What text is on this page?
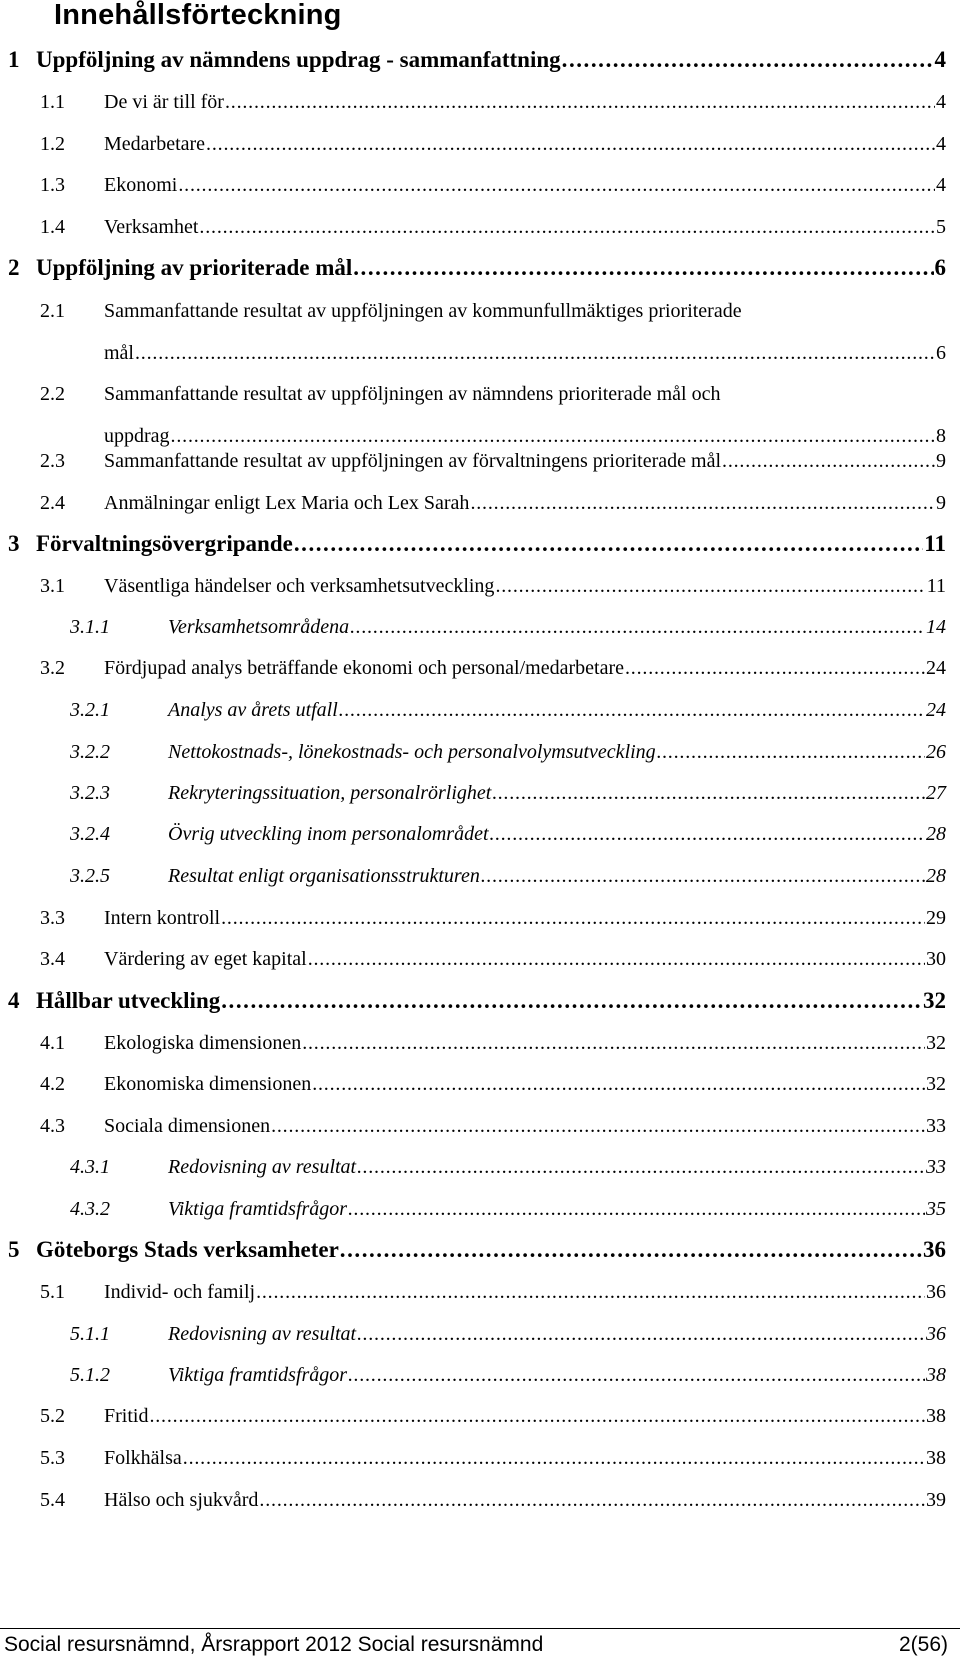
Innehållsförteckning
1 Uppföljning av nämndens uppdrag - sammanfattning . . .	4
1.1 De vi är till för . . .	4
1.2 Medarbetare . . .	4
1.3 Ekonomi . . .	4
1.4 Verksamhet . . .	5
2 Uppföljning av prioriterade mål . . .	6
2.1 Sammanfattande resultat av uppföljningen av kommunfullmäktiges prioriterade
mål . . .	6
2.2 Sammanfattande resultat av uppföljningen av nämndens prioriterade mål och
uppdrag . . .	8
2.3 Sammanfattande resultat av uppföljningen av förvaltningens prioriterade mål . . .	9
2.4 Anmälningar enligt Lex Maria och Lex Sarah . . .	9
3 Förvaltningsövergripande . . .	11
3.1 Väsentliga händelser och verksamhetsutveckling . . .	11
3.1.1	Verksamhetsområdena . . .	14
3.2 Fördjupad analys beträffande ekonomi och personal/medarbetare . . .	24
3.2.1	Analys av årets utfall . . .	24
3.2.2	Nettokostnads-, lönekostnads- och personalvolymsutveckling . . .	26
3.2.3	Rekryteringssituation, personalrörlighet . . .	27
3.2.4	Övrig utveckling inom personalområdet . . .	28
3.2.5	Resultat enligt organisationsstrukturen . . .	28
3.3 Intern kontroll . . .	29
3.4 Värdering av eget kapital . . .	30
4 Hållbar utveckling . . .	32
4.1 Ekologiska dimensionen . . .	32
4.2 Ekonomiska dimensionen . . .	32
4.3 Sociala dimensionen . . .	33
4.3.1	Redovisning av resultat . . .	33
4.3.2	Viktiga framtidsfrågor . . .	35
5 Göteborgs Stads verksamheter . . .	36
5.1 Individ- och familj . . .	36
5.1.1	Redovisning av resultat . . .	36
5.1.2	Viktiga framtidsfrågor . . .	38
5.2 Fritid . . .	38
5.3 Folkhälsa . . .	38
5.4 Hälso och sjukvård . . .	39
Social resursnämnd, Årsrapport 2012 Social resursnämnd	2(56)
